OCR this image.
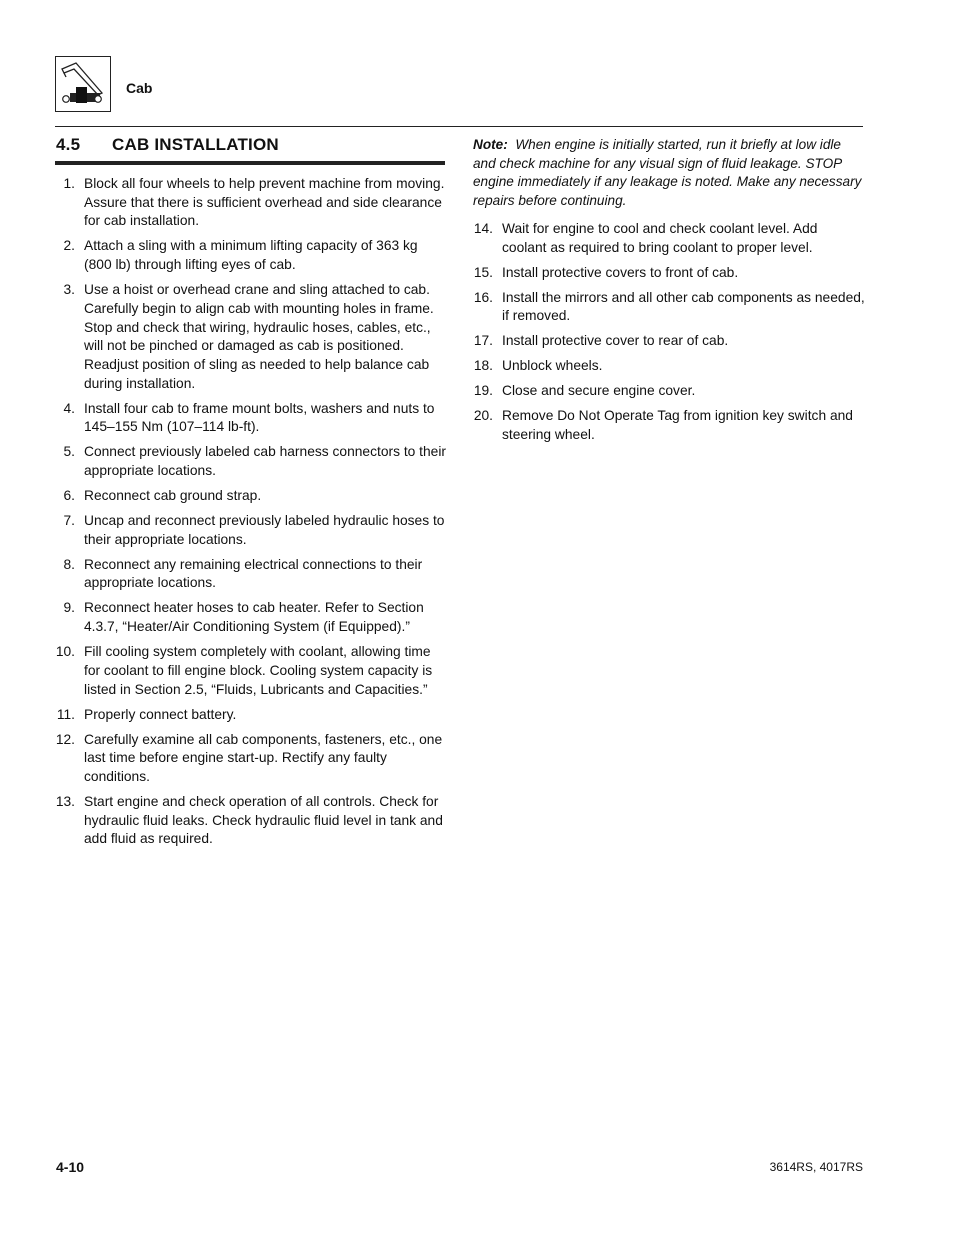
Cab
4.5 CAB INSTALLATION
1. Block all four wheels to help prevent machine from moving. Assure that there is sufficient overhead and side clearance for cab installation.
2. Attach a sling with a minimum lifting capacity of 363 kg (800 lb) through lifting eyes of cab.
3. Use a hoist or overhead crane and sling attached to cab. Carefully begin to align cab with mounting holes in frame. Stop and check that wiring, hydraulic hoses, cables, etc., will not be pinched or damaged as cab is positioned. Readjust position of sling as needed to help balance cab during installation.
4. Install four cab to frame mount bolts, washers and nuts to 145–155 Nm (107–114 lb-ft).
5. Connect previously labeled cab harness connectors to their appropriate locations.
6. Reconnect cab ground strap.
7. Uncap and reconnect previously labeled hydraulic hoses to their appropriate locations.
8. Reconnect any remaining electrical connections to their appropriate locations.
9. Reconnect heater hoses to cab heater. Refer to Section 4.3.7, “Heater/Air Conditioning System (if Equipped).”
10. Fill cooling system completely with coolant, allowing time for coolant to fill engine block. Cooling system capacity is listed in Section 2.5, “Fluids, Lubricants and Capacities.”
11. Properly connect battery.
12. Carefully examine all cab components, fasteners, etc., one last time before engine start-up. Rectify any faulty conditions.
13. Start engine and check operation of all controls. Check for hydraulic fluid leaks. Check hydraulic fluid level in tank and add fluid as required.

Note: When engine is initially started, run it briefly at low idle and check machine for any visual sign of fluid leakage. STOP engine immediately if any leakage is noted. Make any necessary repairs before continuing.

14. Wait for engine to cool and check coolant level. Add coolant as required to bring coolant to proper level.
15. Install protective covers to front of cab.
16. Install the mirrors and all other cab components as needed, if removed.
17. Install protective cover to rear of cab.
18. Unblock wheels.
19. Close and secure engine cover.
20. Remove Do Not Operate Tag from ignition key switch and steering wheel.
4-10	3614RS, 4017RS
